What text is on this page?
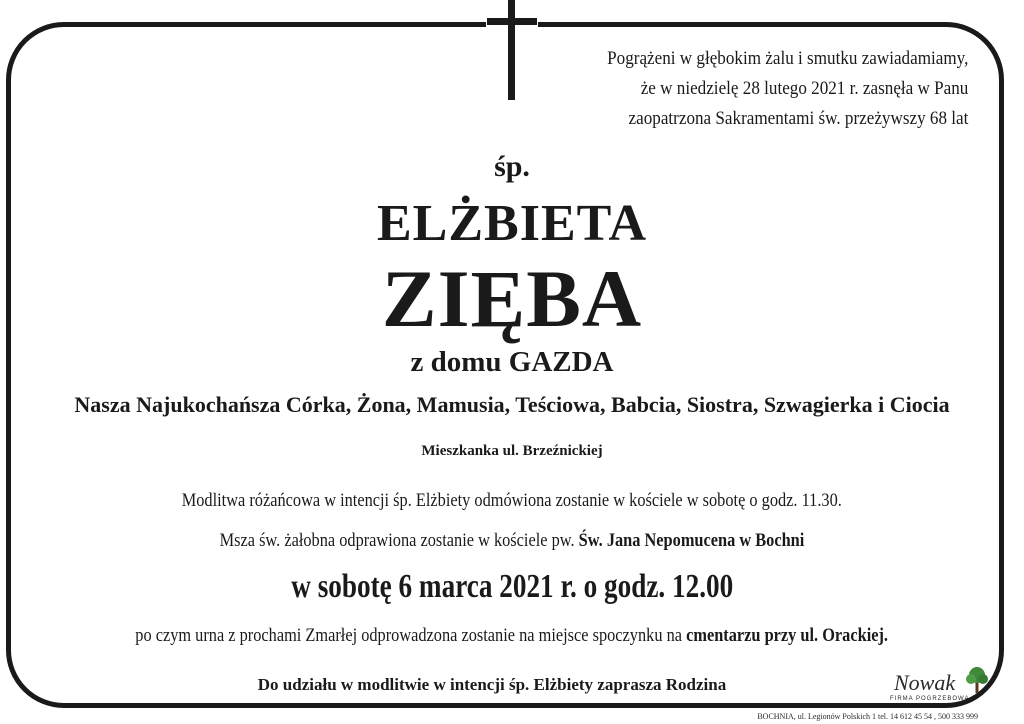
Pogrążeni w głębokim żalu i smutku zawiadamiamy,
że w niedzielę 28 lutego 2021 r. zasnęła w Panu
zaopatrzona Sakramentami św. przeżywszy 68 lat
śp.
ELŻBIETA
ZIĘBA
z domu GAZDA
Nasza Najukochańsza Córka, Żona, Mamusia, Teściowa, Babcia, Siostra, Szwagierka i Ciocia
Mieszkanka ul. Brzeźnickiej
Modlitwa różańcowa w intencji śp. Elżbiety odmówiona zostanie w kościele w sobotę o godz. 11.30.
Msza św. żałobna odprawiona zostanie w kościele pw. Św. Jana Nepomucena w Bochni
w sobotę 6 marca 2021 r. o godz. 12.00
po czym urna z prochami Zmarłej odprowadzona zostanie na miejsce spoczynku na cmentarzu przy ul. Orackiej.
Do udziału w modlitwie w intencji śp. Elżbiety zaprasza Rodzina	Nowak
FIRMA POGRZEBOWA
BOCHNIA, ul. Legionów Polskich 1 tel. 14 612 45 54 , 500 333 999
